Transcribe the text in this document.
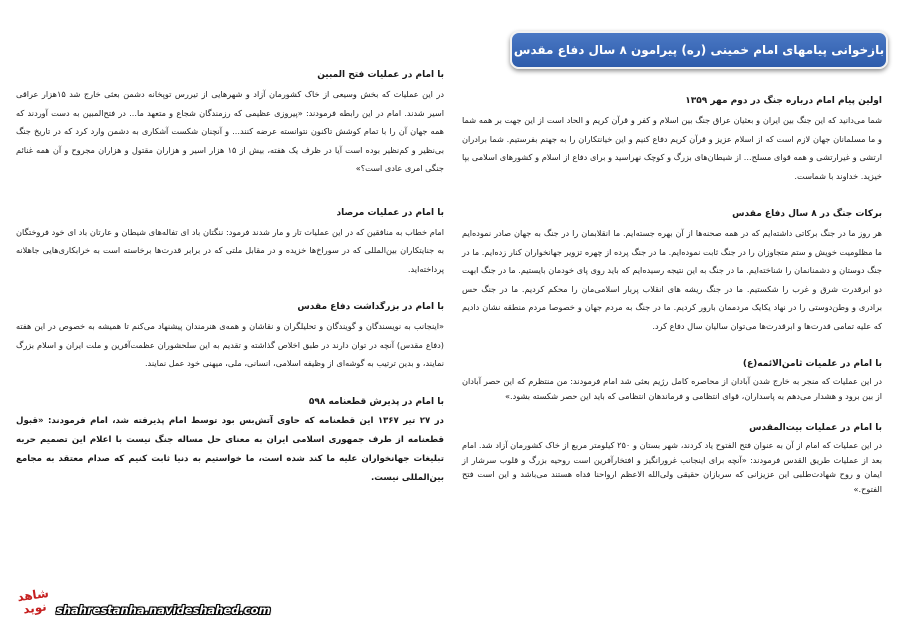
بازخوانی پیامهای امام خمینی (ره) پیرامون ۸ سال دفاع مقدس
اولین پیام امام درباره جنگ در دوم مهر ۱۳۵۹

شما می‌دانید که این جنگ بین ایران و بعثیان عراق جنگ بین اسلام و کفر و قرآن کریم و الحاد است از این جهت بر همه شما و ما مسلمانان جهان لازم است که از اسلام عزیز و قرآن کریم دفاع کنیم و این خیانتکاران را به جهنم بفرستیم. شما برادران ارتشی و غیرارتشی و همه قوای مسلح... از شیطان‌های بزرگ و کوچک نهراسید و برای دفاع از اسلام و کشورهای اسلامی بپا خیزید. خداوند با شماست.

برکات جنگ در ۸ سال دفاع مقدس

هر روز ما در جنگ برکاتی داشته‌ایم که در همه صحنه‌ها از آن بهره جسته‌ایم. ما انقلابمان را در جنگ به جهان صادر نموده‌ایم ما مظلومیت خویش و ستم متجاوزان را در جنگ ثابت نموده‌ایم. ما در جنگ پرده از چهره تزویر جهانخواران کنار زده‌ایم. ما در جنگ دوستان و دشمنانمان را شناخته‌ایم. ما در جنگ به این نتیجه رسیده‌ایم که باید روی پای خودمان بایستیم. ما در جنگ ابهت دو ابرقدرت شرق و غرب را شکستیم. ما در جنگ ریشه های انقلاب پربار اسلامی‌مان را محکم کردیم. ما در جنگ حس برادری و وطن‌دوستی را در نهاد یکایک مردممان بارور کردیم. ما در جنگ به مردم جهان و خصوصا مردم منطقه نشان دادیم که علیه تمامی قدرت‌ها و ابرقدرت‌ها می‌توان سالیان سال دفاع کرد.

با امام در علمیات ثامن‌الائمه(ع)

در این عملیات که منجر به خارج شدن آبادان از محاصره کامل رژیم بعثی شد امام فرمودند: من منتظرم که این حصر آبادان از بین برود و هشدار می‌دهم به پاسداران، قوای انتظامی و فرماندهان انتظامی که باید این حصر شکسته بشود.»

با امام در عملیات بیت‌المقدس

در این عملیات که امام از آن به عنوان فتح الفتوح یاد کردند، شهر بستان و ۲۵۰ کیلومتر مربع از خاک کشورمان آزاد شد. امام بعد از عملیات طریق القدس فرمودند: «آنچه برای اینجانب غرورانگیز و افتخارآفرین است روحیه بزرگ و قلوب سرشار از ایمان و روح شهادت‌طلبی این عزیزانی که سربازان حقیقی ولی‌الله الاعظم ارواحنا فداه هستند می‌باشد و این است فتح الفتوح.»

با امام در عملیات فتح المبین

در این عملیات که بخش وسیعی از خاک کشورمان آزاد و شهرهایی از تیررس توپخانه دشمن بعثی خارج شد ۱۵هزار عراقی اسیر شدند. امام در این رابطه فرمودند: «پیروزی عظیمی که رزمندگان شجاع و متعهد ما... در فتح‌المبین به دست آوردند که همه جهان آن را با تمام کوشش تاکنون نتوانسته عرضه کنند... و آنچنان شکست آشکاری به دشمن وارد کرد که در تاریخ جنگ بی‌نظیر و کم‌نظیر بوده است آیا در ظرف یک هفته، بیش از ۱۵ هزار اسیر و هزاران مقتول و هزاران مجروح و آن همه غنائم جنگی امری عادی است؟»

با امام در عملیات مرصاد

امام خطاب به منافقین که در این عملیات تار و مار شدند فرمود: ننگتان باد ای تفاله‌های شیطان و عارتان باد ای خود فروختگان به جنایتکاران بین‌المللی که در سوراخ‌ها خزیده و در مقابل ملتی که در برابر قدرت‌ها برخاسته است به خرابکاری‌هایی جاهلانه پرداخته‌اید.

با امام در بزرگداشت دفاع مقدس

«اینجانب به نویسندگان و گویندگان و تحلیلگران و نقاشان و همه‌ی هنرمندان پیشنهاد می‌کنم تا همیشه به خصوص در این هفته (دفاع مقدس) آنچه در توان دارند در طبق اخلاص گذاشته و تقدیم به این سلحشوران عظمت‌آفرین و ملت ایران و اسلام بزرگ نمایند، و بدین ترتیب به گوشه‌ای از وظیفه اسلامی، انسانی، ملی، میهنی خود عمل نمایند.

با امام در پذیرش قطعنامه ۵۹۸

در ۲۷ تیر ۱۳۶۷ این قطعنامه که حاوی آتش‌بس بود توسط امام پذیرفته شد، امام فرمودند: «قبول قطعنامه از طرف جمهوری اسلامی ایران به معنای حل مساله جنگ نیست با اعلام این تصمیم حربه تبلیغات جهانخواران علیه ما کند شده است، ما خواستیم به دنیا ثابت کنیم که صدام معتقد به مجامع بین‌المللی نیست.

شاهد نوید shahrestanha.navideshahed.com
